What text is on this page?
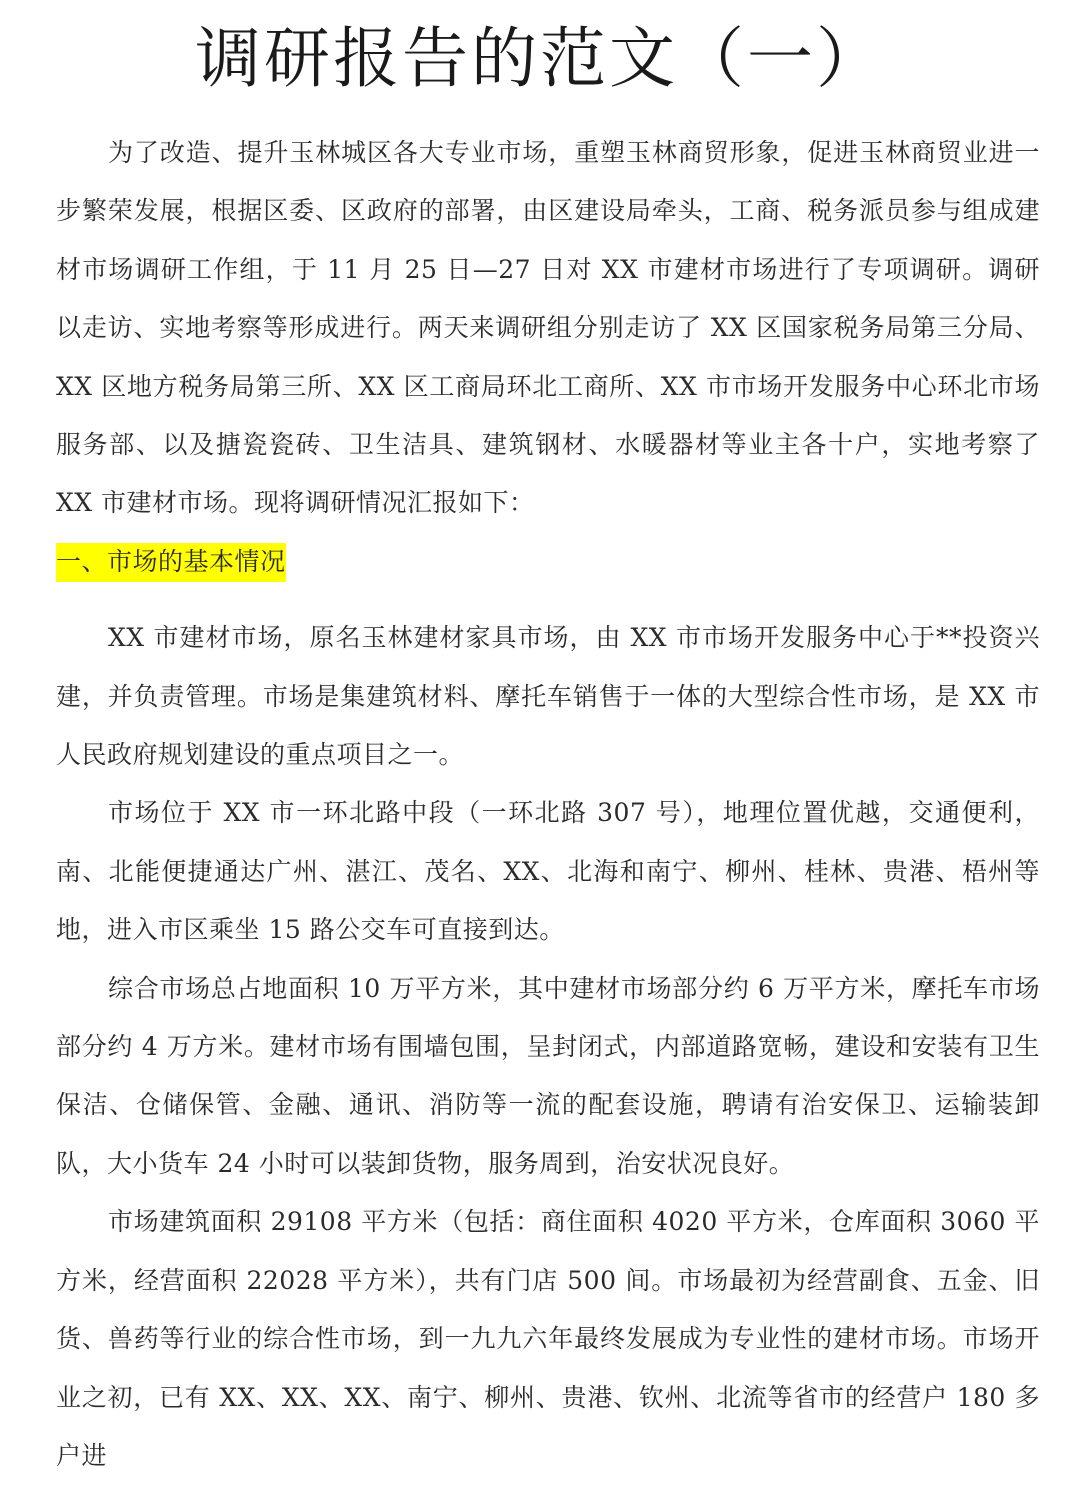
调研报告的范文（一）

为了改造、提升玉林城区各大专业市场，重塑玉林商贸形象，促进玉林商贸业进一步繁荣发展，根据区委、区政府的部署，由区建设局牵头，工商、税务派员参与组成建材市场调研工作组，于 11 月 25 日—27 日对 XX 市建材市场进行了专项调研。调研以走访、实地考察等形成进行。两天来调研组分别走访了 XX 区国家税务局第三分局、XX 区地方税务局第三所、XX 区工商局环北工商所、XX 市市场开发服务中心环北市场服务部、以及搪瓷瓷砖、卫生洁具、建筑钢材、水暖器材等业主各十户，实地考察了 XX 市建材市场。现将调研情况汇报如下：

一、市场的基本情况

XX 市建材市场，原名玉林建材家具市场，由 XX 市市场开发服务中心于**投资兴建，并负责管理。市场是集建筑材料、摩托车销售于一体的大型综合性市场，是 XX 市人民政府规划建设的重点项目之一。

市场位于 XX 市一环北路中段（一环北路 307 号），地理位置优越，交通便利，南、北能便捷通达广州、湛江、茂名、XX、北海和南宁、柳州、桂林、贵港、梧州等地，进入市区乘坐 15 路公交车可直接到达。

综合市场总占地面积 10 万平方米，其中建材市场部分约 6 万平方米，摩托车市场部分约 4 万方米。建材市场有围墙包围，呈封闭式，内部道路宽畅，建设和安装有卫生保洁、仓储保管、金融、通讯、消防等一流的配套设施，聘请有治安保卫、运输装卸队，大小货车 24 小时可以装卸货物，服务周到，治安状况良好。

市场建筑面积 29108 平方米（包括：商住面积 4020 平方米，仓库面积 3060 平方米，经营面积 22028 平方米），共有门店 500 间。市场最初为经营副食、五金、旧货、兽药等行业的综合性市场，到一九九六年最终发展成为专业性的建材市场。市场开业之初，已有 XX、XX、XX、南宁、柳州、贵港、钦州、北流等省市的经营户 180 多户进
